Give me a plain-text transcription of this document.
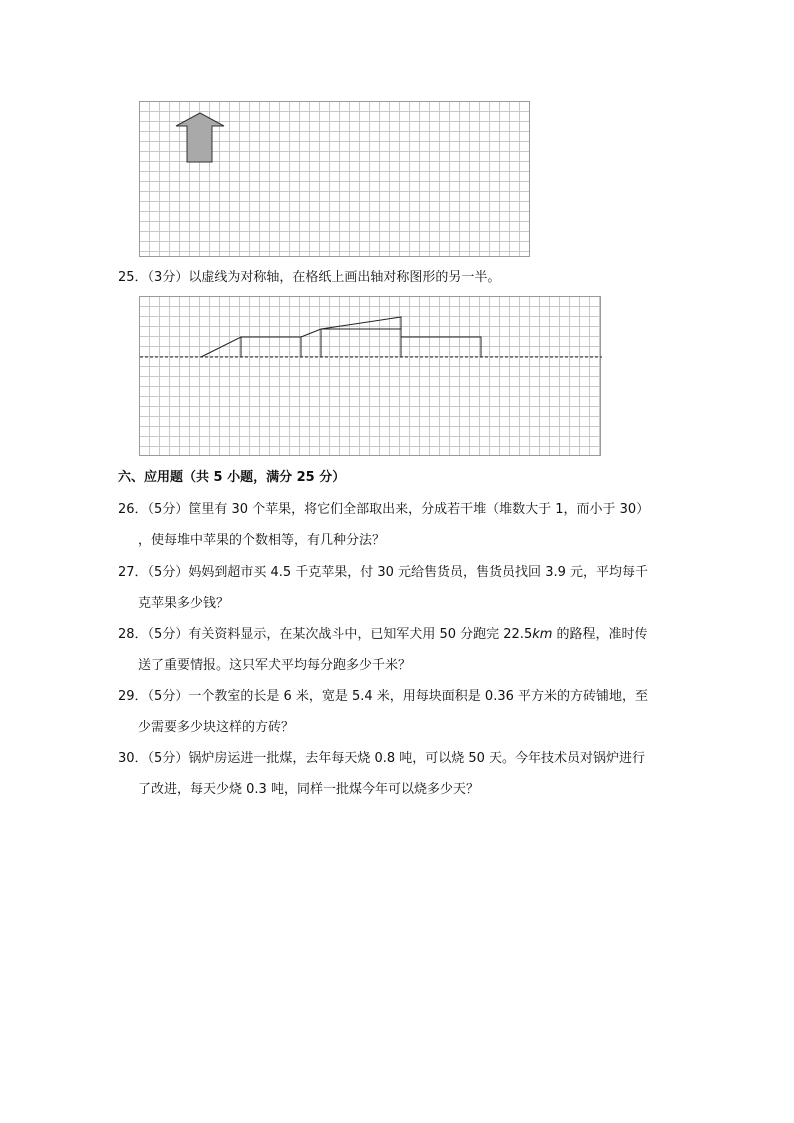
25．（3分）以虚线为对称轴，在格纸上画出轴对称图形的另一半。
六、应用题（共 5 小题，满分 25 分）
26．（5分）筐里有 30 个苹果，将它们全部取出来，分成若干堆（堆数大于 1，而小于 30）
，使每堆中苹果的个数相等，有几种分法？
27．（5分）妈妈到超市买 4.5 千克苹果，付 30 元给售货员，售货员找回 3.9 元，平均每千
克苹果多少钱？
28．（5分）有关资料显示，在某次战斗中，已知军犬用 50 分跑完 22.5km 的路程，准时传
送了重要情报。这只军犬平均每分跑多少千米？
29．（5分）一个教室的长是 6 米，宽是 5.4 米，用每块面积是 0.36 平方米的方砖铺地，至
少需要多少块这样的方砖？
30．（5分）锅炉房运进一批煤，去年每天烧 0.8 吨，可以烧 50 天。今年技术员对锅炉进行
了改进，每天少烧 0.3 吨，同样一批煤今年可以烧多少天？
